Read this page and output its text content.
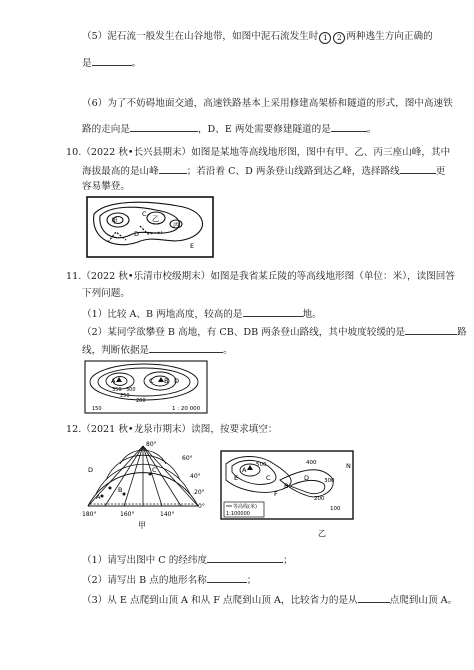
（5）泥石流一般发生在山谷地带，如图中泥石流发生时 1 2 两种逃生方向正确的
是	。
（6）为了不妨碍地面交通，高速铁路基本上采用修建高架桥和隧道的形式，图中高速铁
路的走向是	，D、E 两处需要修建隧道的是	。
10.（2022 秋•长兴县期末）如图是某地等高线地形图，图中有甲、乙、丙三座山峰，其中
海拔最高的是山峰	；若沿着 C、D 两条登山线路到达乙峰，选择路线	更
容易攀登。
甲	乙
丙
C
D
E
11.（2022 秋•乐清市校级期末）如图是我省某丘陵的等高线地形图（单位：米），读图回答
下列问题。
（1）比较 A、B 两地高度，较高的是	地。
（2）某同学欲攀登 B 高地，有 CB、DB 两条登山路线，其中坡度较缓的是	路
线，判断依据是	。
A	B
C	D
350 300
250
200
150	1 : 20 000
12.（2021 秋•龙泉市期末）读图，按要求填空：
80°
60°
40°
20°
0°
180°	160°	140°
A
B
C
D
甲
500	400
300
200
100
A
B
C	D
E
F
N
等高线(米)
1:100000
乙
（1）请写出图中 C 的经纬度	；
（2）请写出 B 点的地形名称	；
（3）从 E 点爬到山顶 A 和从 F 点爬到山顶 A，比较省力的是从	点爬到山顶 A。
